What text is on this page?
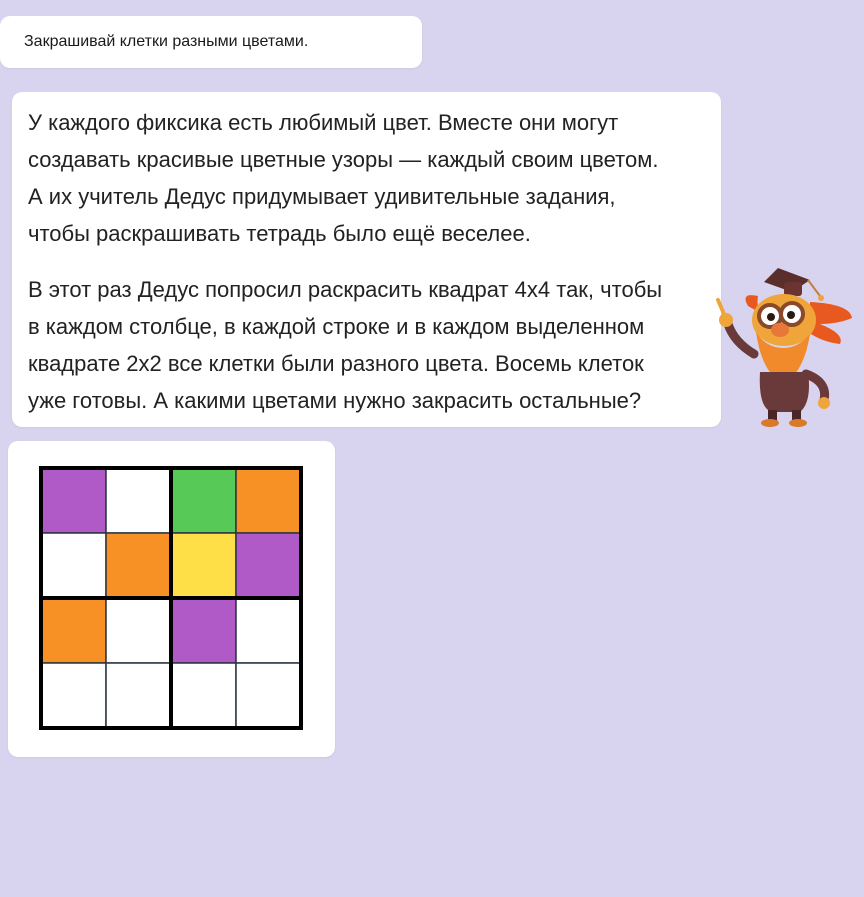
Закрашивай клетки разными цветами.

У каждого фиксика есть любимый цвет. Вместе они могут
создавать красивые цветные узоры — каждый своим цветом.
А их учитель Дедус придумывает удивительные задания,
чтобы раскрашивать тетрадь было ещё веселее.

В этот раз Дедус попросил раскрасить квадрат 4х4 так, чтобы
в каждом столбце, в каждой строке и в каждом выделенном
квадрате 2х2 все клетки были разного цвета. Восемь клеток
уже готовы. А какими цветами нужно закрасить остальные?
